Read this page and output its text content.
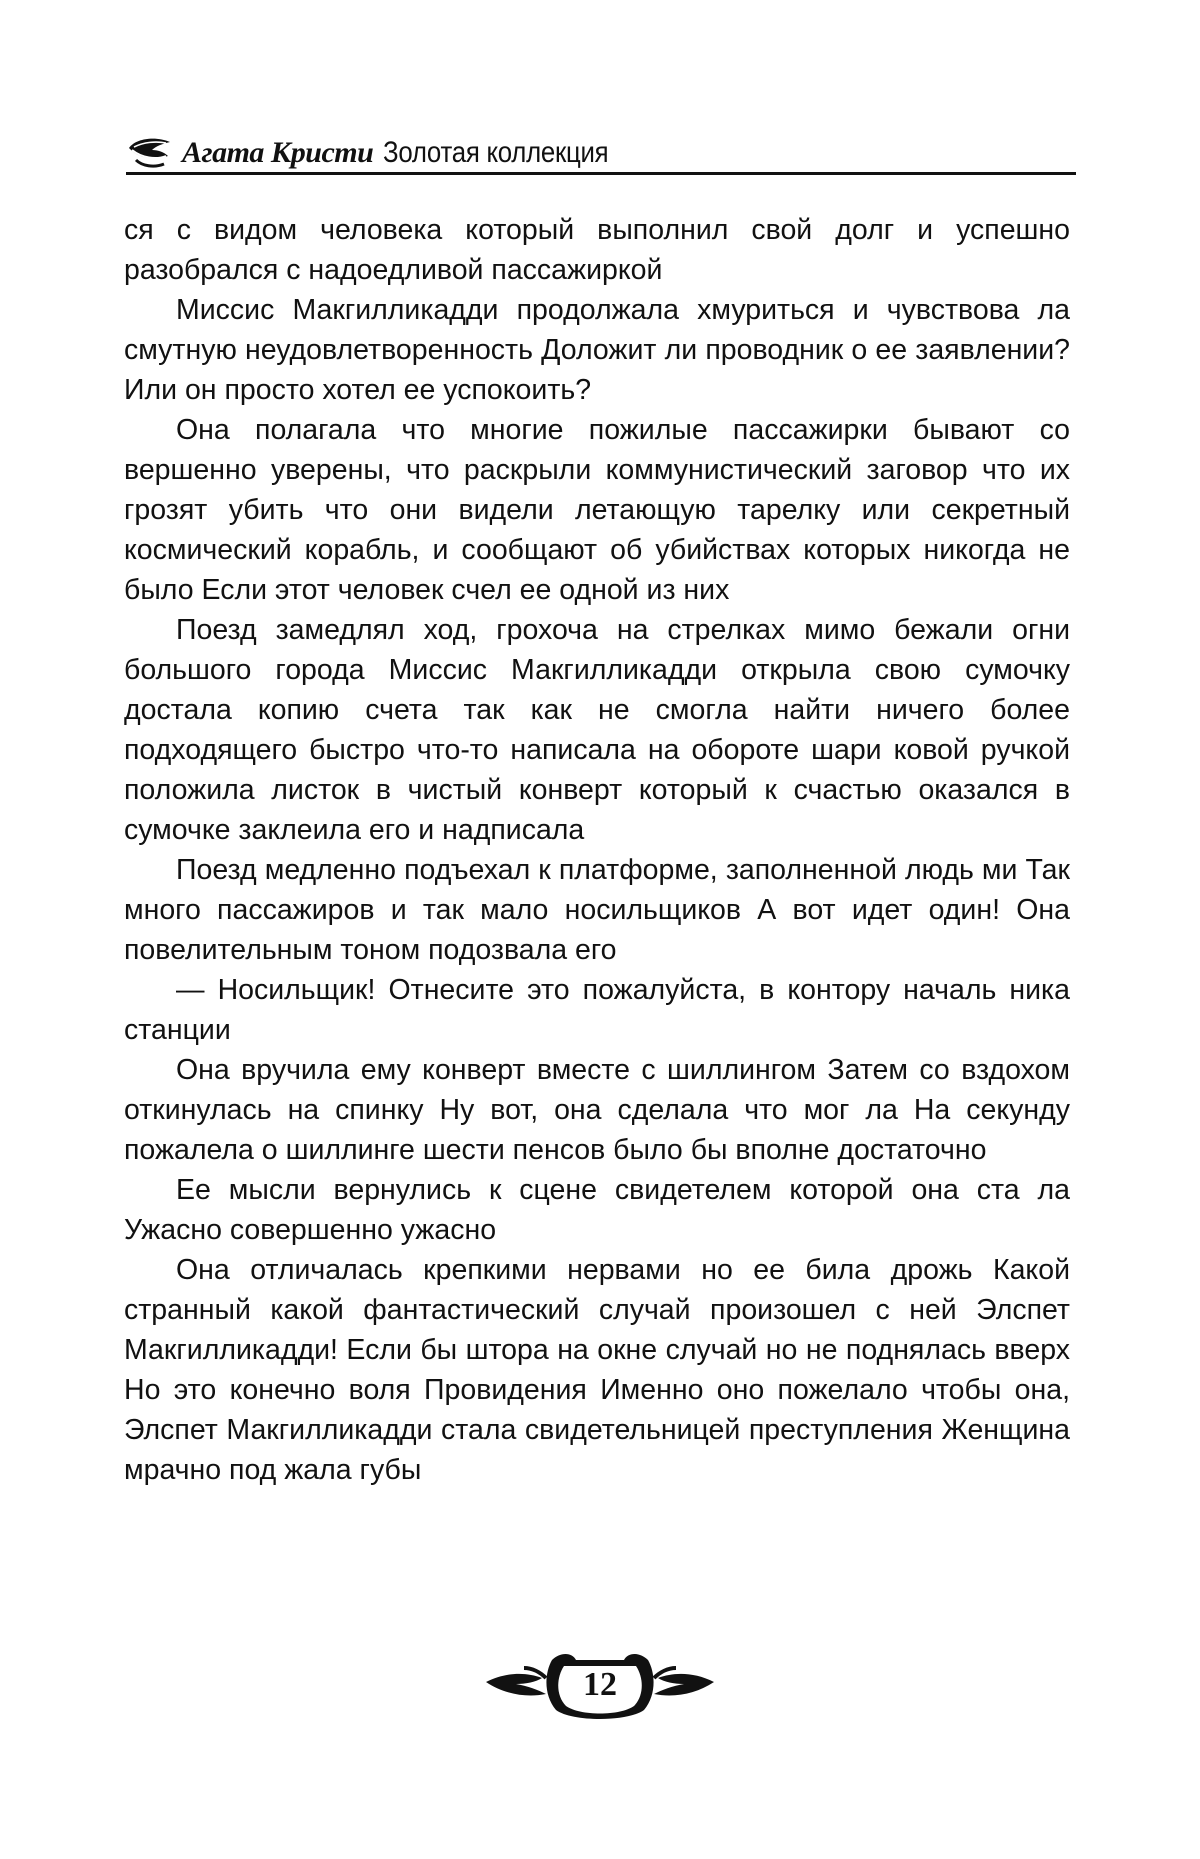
Агата Кристи Золотая коллекция

ся с видом человека который выполнил свой долг и успешно разобрался с надоедливой пассажиркой

Миссис Макгилликадди продолжала хмуриться и чувствова ла смутную неудовлетворенность Доложит ли проводник о ее заявлении? Или он просто хотел ее успокоить?

Она полагала что многие пожилые пассажирки бывают со вершенно уверены, что раскрыли коммунистический заговор что их грозят убить что они видели летающую тарелку или секретный космический корабль, и сообщают об убийствах которых никогда не было Если этот человек счел ее одной из них

Поезд замедлял ход, грохоча на стрелках мимо бежали огни большого города Миссис Макгилликадди открыла свою сумочку достала копию счета так как не смогла найти ничего более подходящего быстро что-то написала на обороте шари ковой ручкой положила листок в чистый конверт который к счастью оказался в сумочке заклеила его и надписала

Поезд медленно подъехал к платформе, заполненной людь ми Так много пассажиров и так мало носильщиков А вот идет один! Она повелительным тоном подозвала его

— Носильщик! Отнесите это пожалуйста, в контору началь ника станции

Она вручила ему конверт вместе с шиллингом Затем со вздохом откинулась на спинку Ну вот, она сделала что мог ла На секунду пожалела о шиллинге шести пенсов было бы вполне достаточно

Ее мысли вернулись к сцене свидетелем которой она ста ла Ужасно совершенно ужасно

Она отличалась крепкими нервами но ее била дрожь Какой странный какой фантастический случай произошел с ней Элспет Макгилликадди! Если бы штора на окне случай но не поднялась вверх Но это конечно воля Провидения Именно оно пожелало чтобы она, Элспет Макгилликадди стала свидетельницей преступления Женщина мрачно под жала губы

12
